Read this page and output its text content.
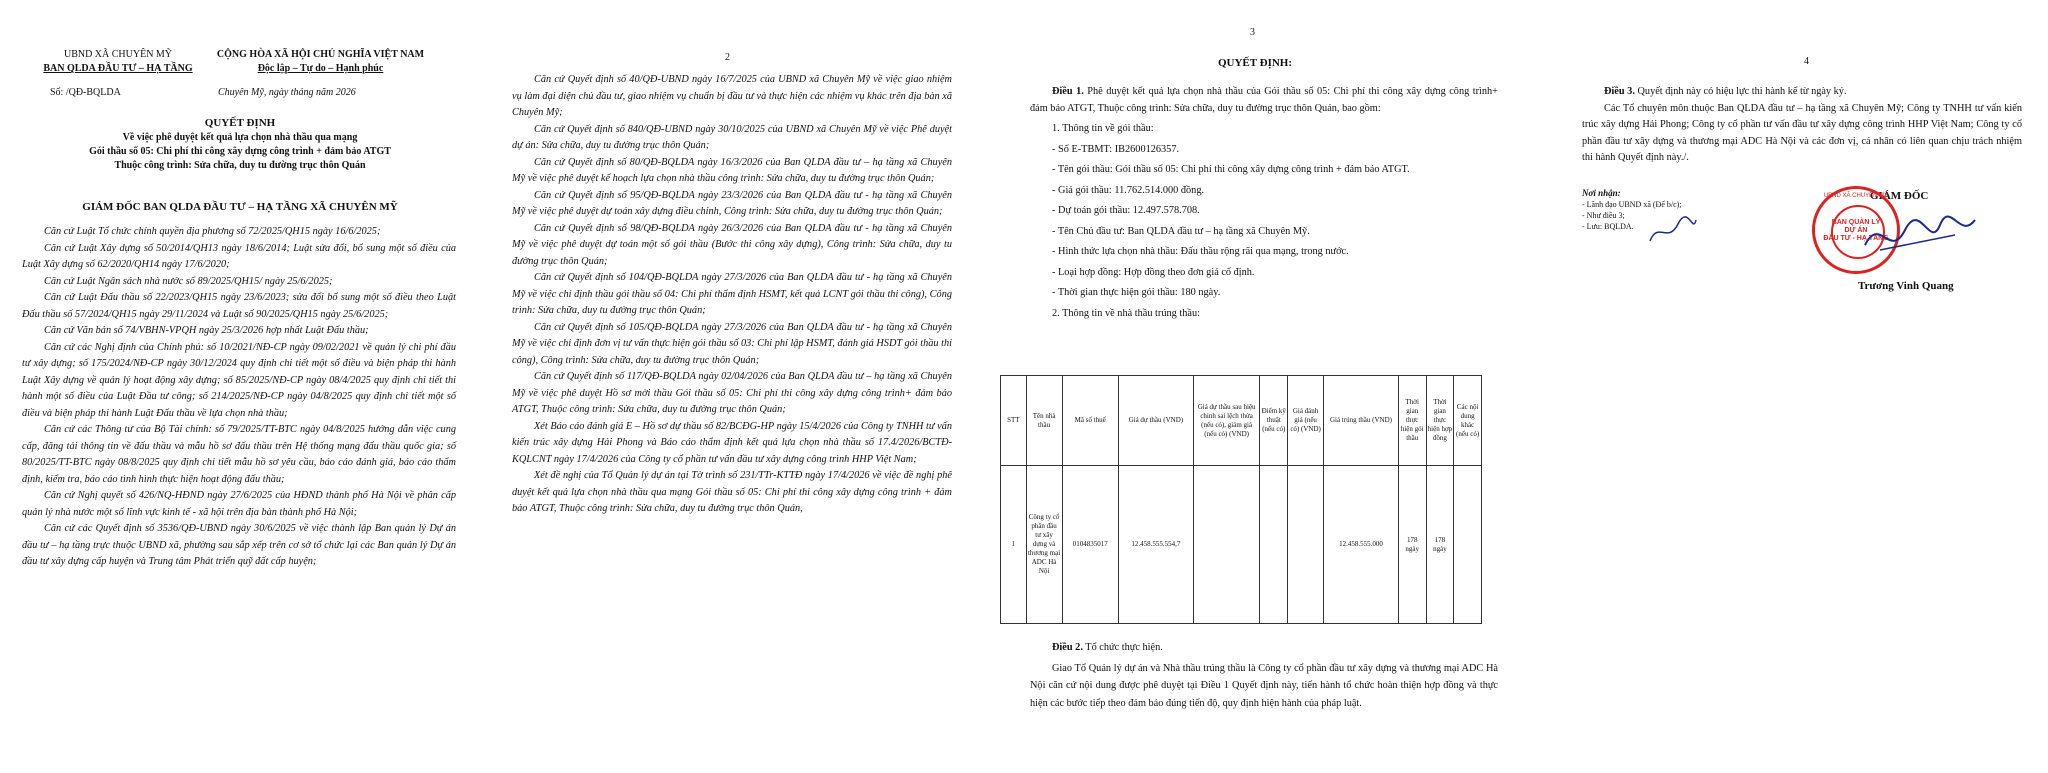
UBND XÃ CHUYÊN MỸ
BAN QLDA ĐẦU TƯ – HẠ TẦNG
CỘNG HÒA XÃ HỘI CHỦ NGHĨA VIỆT NAM
Độc lập – Tự do – Hạnh phúc
Số: /QĐ-BQLDA	Chuyên Mỹ, ngày tháng năm 2026
QUYẾT ĐỊNH
Về việc phê duyệt kết quả lựa chọn nhà thầu qua mạng
Gói thầu số 05: Chi phí thi công xây dựng công trình + đảm bảo ATGT
Thuộc công trình: Sửa chữa, duy tu đường trục thôn Quán
GIÁM ĐỐC BAN QLDA ĐẦU TƯ – HẠ TẦNG XÃ CHUYÊN MỸ

Căn cứ Luật Tổ chức chính quyền địa phương số 72/2025/QH15 ngày 16/6/2025;

Căn cứ Luật Xây dựng số 50/2014/QH13 ngày 18/6/2014; Luật sửa đổi, bổ sung một số điều của Luật Xây dựng số 62/2020/QH14 ngày 17/6/2020;

Căn cứ Luật Ngân sách nhà nước số 89/2025/QH15/ ngày 25/6/2025;

Căn cứ Luật Đấu thầu số 22/2023/QH15 ngày 23/6/2023; sửa đổi bổ sung một số điều theo Luật Đấu thầu số 57/2024/QH15 ngày 29/11/2024 và Luật số 90/2025/QH15 ngày 25/6/2025;

Căn cứ Văn bản số 74/VBHN-VPQH ngày 25/3/2026 hợp nhất Luật Đấu thầu;

Căn cứ các Nghị định của Chính phủ: số 10/2021/NĐ-CP ngày 09/02/2021 về quản lý chi phí đầu tư xây dựng; số 175/2024/NĐ-CP ngày 30/12/2024 quy định chi tiết một số điều và biện pháp thi hành Luật Xây dựng về quản lý hoạt động xây dựng; số 85/2025/NĐ-CP ngày 08/4/2025 quy định chi tiết thi hành một số điều của Luật Đầu tư công; số 214/2025/NĐ-CP ngày 04/8/2025 quy định chi tiết một số điều và biện pháp thi hành Luật Đấu thầu về lựa chọn nhà thầu;

Căn cứ các Thông tư của Bộ Tài chính: số 79/2025/TT-BTC ngày 04/8/2025 hướng dẫn việc cung cấp, đăng tải thông tin về đấu thầu và mẫu hồ sơ đấu thầu trên Hệ thống mạng đấu thầu quốc gia; số 80/2025/TT-BTC ngày 08/8/2025 quy định chi tiết mẫu hồ sơ yêu cầu, báo cáo đánh giá, báo cáo thẩm định, kiểm tra, báo cáo tình hình thực hiện hoạt động đấu thầu;

Căn cứ Nghị quyết số 426/NQ-HĐND ngày 27/6/2025 của HĐND thành phố Hà Nội về phân cấp quản lý nhà nước một số lĩnh vực kinh tế - xã hội trên địa bàn thành phố Hà Nội;

Căn cứ các Quyết định số 3536/QĐ-UBND ngày 30/6/2025 về việc thành lập Ban quản lý Dự án đầu tư – hạ tầng trực thuộc UBND xã, phường sau sắp xếp trên cơ sở tổ chức lại các Ban quản lý Dự án đầu tư xây dựng cấp huyện và Trung tâm Phát triển quỹ đất cấp huyện;

2

Căn cứ Quyết định số 40/QĐ-UBND ngày 16/7/2025 của UBND xã Chuyên Mỹ về việc giao nhiệm vụ làm đại diện chủ đầu tư, giao nhiệm vụ chuẩn bị đầu tư và thực hiện các nhiệm vụ khác trên địa bàn xã Chuyên Mỹ;

Căn cứ Quyết định số 840/QĐ-UBND ngày 30/10/2025 của UBND xã Chuyên Mỹ về việc Phê duyệt dự án: Sửa chữa, duy tu đường trục thôn Quán;

Căn cứ Quyết định số 80/QĐ-BQLDA ngày 16/3/2026 của Ban QLDA đầu tư – hạ tầng xã Chuyên Mỹ về việc phê duyệt kế hoạch lựa chọn nhà thầu công trình: Sửa chữa, duy tu đường trục thôn Quán;

Căn cứ Quyết định số 95/QĐ-BQLDA ngày 23/3/2026 của Ban QLDA đầu tư - hạ tầng xã Chuyên Mỹ về việc phê duyệt dự toán xây dựng điều chỉnh, Công trình: Sửa chữa, duy tu đường trục thôn Quán;

Căn cứ Quyết định số 98/QĐ-BQLDA ngày 26/3/2026 của Ban QLDA đầu tư - hạ tầng xã Chuyên Mỹ về việc phê duyệt dự toán một số gói thầu (Bước thi công xây dựng), Công trình: Sửa chữa, duy tu đường trục thôn Quán;

Căn cứ Quyết định số 104/QĐ-BQLDA ngày 27/3/2026 của Ban QLDA đầu tư - hạ tầng xã Chuyên Mỹ về việc chỉ định thầu gói thầu số 04: Chi phí thẩm định HSMT, kết quả LCNT gói thầu thi công), Công trình: Sửa chữa, duy tu đường trục thôn Quán;

Căn cứ Quyết định số 105/QĐ-BQLDA ngày 27/3/2026 của Ban QLDA đầu tư - hạ tầng xã Chuyên Mỹ về việc chỉ định đơn vị tư vấn thực hiện gói thầu số 03: Chi phí lập HSMT, đánh giá HSDT gói thầu thi công), Công trình: Sửa chữa, duy tu đường trục thôn Quán;

Căn cứ Quyết định số 117/QĐ-BQLDA ngày 02/04/2026 của Ban QLDA đầu tư – hạ tầng xã Chuyên Mỹ về việc phê duyệt Hồ sơ mời thầu Gói thầu số 05: Chi phí thi công xây dựng công trình+ đảm bảo ATGT, Thuộc công trình: Sửa chữa, duy tu đường trục thôn Quán;

Xét Báo cáo đánh giá E – Hồ sơ dự thầu số 82/BCĐG-HP ngày 15/4/2026 của Công ty TNHH tư vấn kiến trúc xây dựng Hải Phong và Báo cáo thẩm định kết quả lựa chọn nhà thầu số 17.4/2026/BCTĐ-KQLCNT ngày 17/4/2026 của Công ty cổ phần tư vấn đầu tư xây dựng công trình HHP Việt Nam;

Xét đề nghị của Tổ Quản lý dự án tại Tờ trình số 231/TTr-KTTĐ ngày 17/4/2026 về việc đề nghị phê duyệt kết quả lựa chọn nhà thầu qua mạng Gói thầu số 05: Chi phí thi công xây dựng công trình + đảm bảo ATGT, Thuộc công trình: Sửa chữa, duy tu đường trục thôn Quán,

3
QUYẾT ĐỊNH:

Điều 1. Phê duyệt kết quả lựa chọn nhà thầu của Gói thầu số 05: Chi phí thi công xây dựng công trình+ đảm bảo ATGT, Thuộc công trình: Sửa chữa, duy tu đường trục thôn Quán, bao gồm:

1. Thông tin về gói thầu:

- Số E-TBMT: IB2600126357.

- Tên gói thầu: Gói thầu số 05: Chi phí thi công xây dựng công trình + đảm bảo ATGT.

- Giá gói thầu: 11.762.514.000 đồng.

- Dự toán gói thầu: 12.497.578.708.

- Tên Chủ đầu tư: Ban QLDA đầu tư – hạ tầng xã Chuyên Mỹ.

- Hình thức lựa chọn nhà thầu: Đấu thầu rộng rãi qua mạng, trong nước.

- Loại hợp đồng: Hợp đồng theo đơn giá cố định.

- Thời gian thực hiện gói thầu: 180 ngày.

2. Thông tin về nhà thầu trúng thầu:

STT	Tên nhà thầu	Mã số thuế	Giá dự thầu (VND)	Giá dự thầu sau hiệu chỉnh sai lệch thừa (nếu có), giảm giá (nếu có) (VND)	Điểm kỹ thuật (nếu có)	Giá đánh giá (nếu có) (VND)	Giá trúng thầu (VND)	Thời gian thực hiện gói thầu	Thời gian thực hiện hợp đồng	Các nội dung khác (nếu có)
1	Công ty cổ phần đầu tư xây dựng và thương mại ADC Hà Nội	0104835017	12.458.555.554,7				12.458.555.000	178 ngày	178 ngày	

Điều 2. Tổ chức thực hiện.

Giao Tổ Quản lý dự án và Nhà thầu trúng thầu là Công ty cổ phần đầu tư xây dựng và thương mại ADC Hà Nội căn cứ nội dung được phê duyệt tại Điều 1 Quyết định này, tiến hành tổ chức hoàn thiện hợp đồng và thực hiện các bước tiếp theo đảm bảo đúng tiến độ, quy định hiện hành của pháp luật.

4

Điều 3. Quyết định này có hiệu lực thi hành kể từ ngày ký.

Các Tổ chuyên môn thuộc Ban QLDA đầu tư – hạ tầng xã Chuyên Mỹ; Công ty TNHH tư vấn kiến trúc xây dựng Hải Phong; Công ty cổ phần tư vấn đầu tư xây dựng công trình HHP Việt Nam; Công ty cổ phần đầu tư xây dựng và thương mại ADC Hà Nội và các đơn vị, cá nhân có liên quan chịu trách nhiệm thi hành Quyết định này./.

Nơi nhận:
- Lãnh đạo UBND xã (Để b/c);
- Như điều 3;
- Lưu: BQLDA.
GIÁM ĐỐC
UBND XÃ CHUYÊN MỸ
BAN QUẢN LÝ
DỰ ÁN
ĐẦU TƯ - HẠ TẦNG
Trương Vinh Quang
